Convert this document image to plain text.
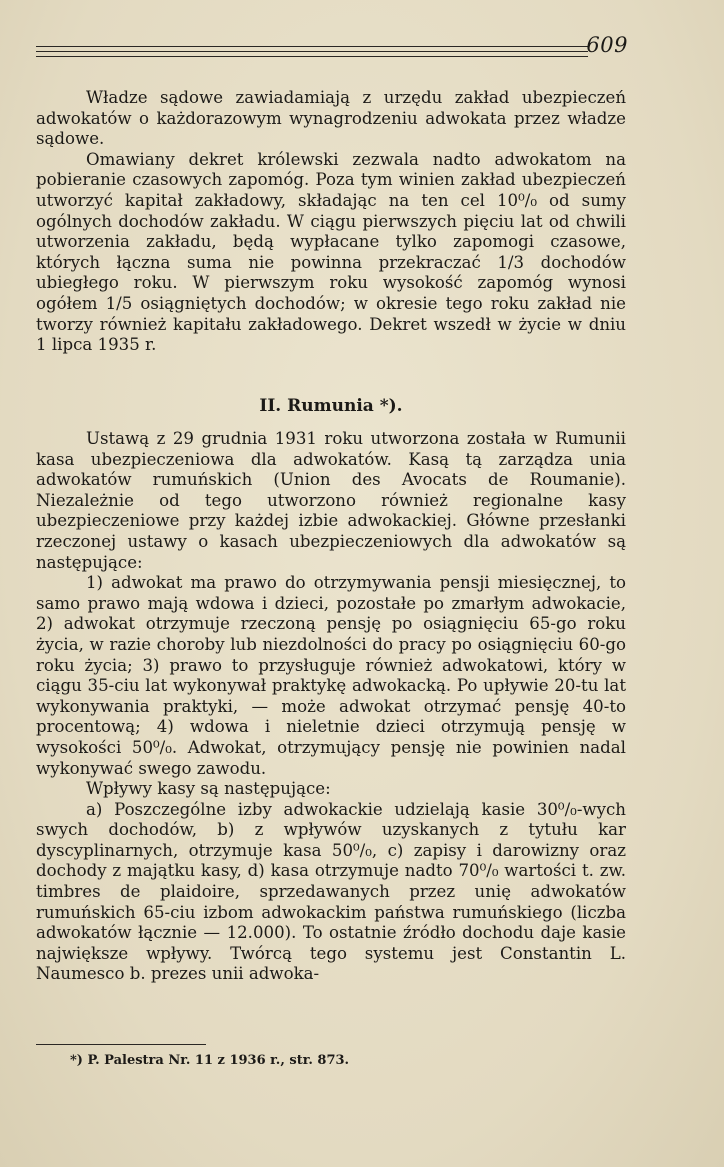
609

Władze sądowe zawiadamiają z urzędu zakład ubezpieczeń adwokatów o każdorazowym wynagrodzeniu adwokata przez władze sądowe.

Omawiany dekret królewski zezwala nadto adwokatom na pobieranie czasowych zapomóg. Poza tym winien zakład ubezpieczeń utworzyć kapitał zakładowy, składając na ten cel 10⁰/₀ od sumy ogólnych dochodów zakładu. W ciągu pierwszych pięciu lat od chwili utworzenia zakładu, będą wypłacane tylko zapomogi czasowe, których łączna suma nie powinna przekraczać 1/3 dochodów ubiegłego roku. W pierwszym roku wysokość zapomóg wynosi ogółem 1/5 osiągniętych dochodów; w okresie tego roku zakład nie tworzy również kapitału zakładowego. Dekret wszedł w życie w dniu 1 lipca 1935 r.

II. Rumunia *).

Ustawą z 29 grudnia 1931 roku utworzona została w Rumunii kasa ubezpieczeniowa dla adwokatów. Kasą tą zarządza unia adwokatów rumuńskich (Union des Avocats de Roumanie). Niezależnie od tego utworzono również regionalne kasy ubezpieczeniowe przy każdej izbie adwokackiej. Główne przesłanki rzeczonej ustawy o kasach ubezpieczeniowych dla adwokatów są następujące:

1) adwokat ma prawo do otrzymywania pensji miesięcznej, to samo prawo mają wdowa i dzieci, pozostałe po zmarłym adwokacie, 2) adwokat otrzymuje rzeczoną pensję po osiągnięciu 65-go roku życia, w razie choroby lub niezdolności do pracy po osiągnięciu 60-go roku życia; 3) prawo to przysługuje również adwokatowi, który w ciągu 35-ciu lat wykonywał praktykę adwokacką. Po upływie 20-tu lat wykonywania praktyki, — może adwokat otrzymać pensję 40-to procentową; 4) wdowa i nieletnie dzieci otrzymują pensję w wysokości 50⁰/₀. Adwokat, otrzymujący pensję nie powinien nadal wykonywać swego zawodu.

Wpływy kasy są następujące:

a) Poszczególne izby adwokackie udzielają kasie 30⁰/₀-wych swych dochodów, b) z wpływów uzyskanych z tytułu kar dyscyplinarnych, otrzymuje kasa 50⁰/₀, c) zapisy i darowizny oraz dochody z majątku kasy, d) kasa otrzymuje nadto 70⁰/₀ wartości t. zw. timbres de plaidoire, sprzedawanych przez unię adwokatów rumuńskich 65-ciu izbom adwokackim państwa rumuńskiego (liczba adwokatów łącznie — 12.000). To ostatnie źródło dochodu daje kasie największe wpływy. Twórcą tego systemu jest Constantin L. Naumesco b. prezes unii adwoka-

*) P. Palestra Nr. 11 z 1936 r., str. 873.
